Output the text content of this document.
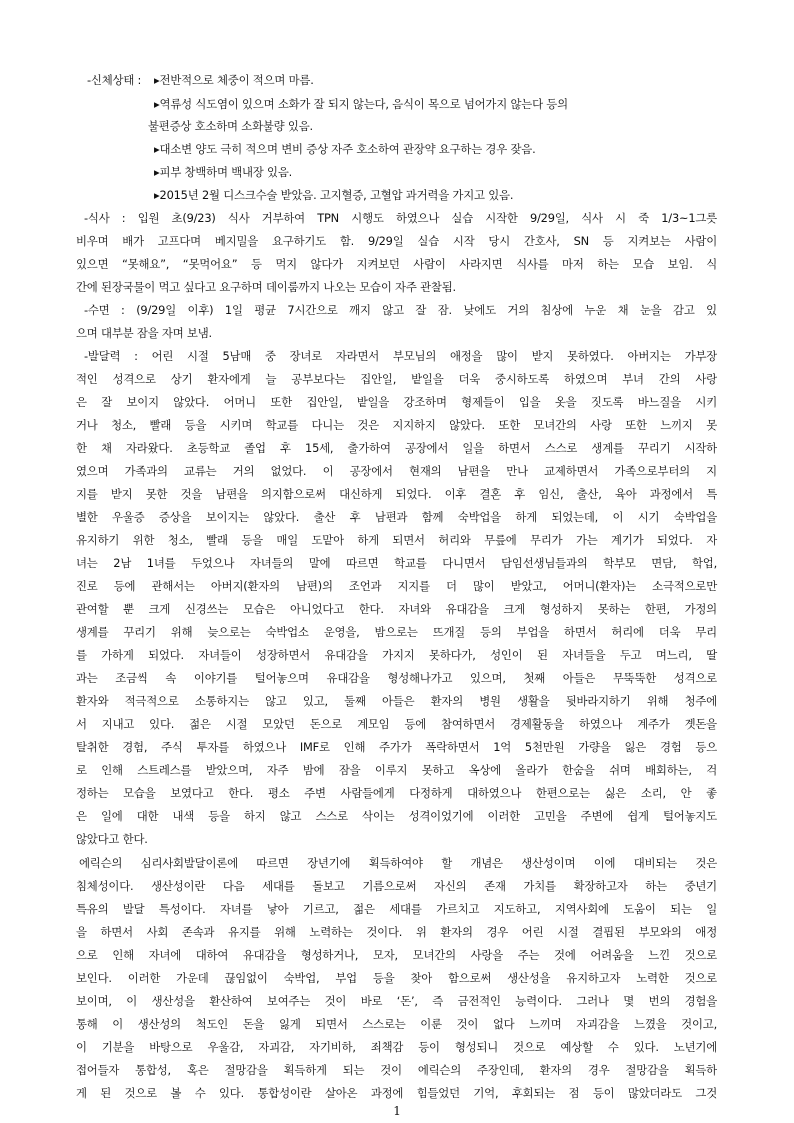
-신체상태 : ▸전반적으로 체중이 적으며 마름.
▸역류성 식도염이 있으며 소화가 잘 되지 않는다, 음식이 목으로 넘어가지 않는다 등의
불편증상 호소하며 소화불량 있음.
▸대소변 양도 극히 적으며 변비 증상 자주 호소하여 관장약 요구하는 경우 잦음.
▸피부 창백하며 백내장 있음.
▸2015년 2월 디스크수술 받았음. 고지혈증, 고혈압 과거력을 가지고 있음.

-식사 : 입원 초(9/23) 식사 거부하여 TPN 시행도 하였으나 실습 시작한 9/29일, 식사 시 죽 1/3~1그릇

비우며 배가 고프다며 베지밀을 요구하기도 함. 9/29일 실습 시작 당시 간호사, SN 등 지켜보는 사람이

있으면 “못해요”, “못먹어요” 등 먹지 않다가 지켜보던 사람이 사라지면 식사를 마저 하는 모습 보임. 식

간에 된장국물이 먹고 싶다고 요구하며 데이룸까지 나오는 모습이 자주 관찰됨.

-수면 : (9/29일 이후) 1일 평균 7시간으로 깨지 않고 잘 잠. 낮에도 거의 침상에 누운 채 눈을 감고 있

으며 대부분 잠을 자며 보냄.

-발달력 : 어린 시절 5남매 중 장녀로 자라면서 부모님의 애정을 많이 받지 못하였다. 아버지는 가부장

적인 성격으로 상기 환자에게 늘 공부보다는 집안일, 밭일을 더욱 중시하도록 하였으며 부녀 간의 사랑

은 잘 보이지 않았다. 어머니 또한 집안일, 밭일을 강조하며 형제들이 입을 옷을 짓도록 바느질을 시키

거나 청소, 빨래 등을 시키며 학교를 다니는 것은 지지하지 않았다. 또한 모녀간의 사랑 또한 느끼지 못

한 채 자라왔다. 초등학교 졸업 후 15세, 출가하여 공장에서 일을 하면서 스스로 생계를 꾸리기 시작하

였으며 가족과의 교류는 거의 없었다. 이 공장에서 현재의 남편을 만나 교제하면서 가족으로부터의 지

지를 받지 못한 것을 남편을 의지함으로써 대신하게 되었다. 이후 결혼 후 임신, 출산, 육아 과정에서 특

별한 우울증 증상을 보이지는 않았다. 출산 후 남편과 함께 숙박업을 하게 되었는데, 이 시기 숙박업을

유지하기 위한 청소, 빨래 등을 매일 도맡아 하게 되면서 허리와 무릎에 무리가 가는 계기가 되었다. 자

녀는 2남 1녀를 두었으나 자녀들의 말에 따르면 학교를 다니면서 담임선생님들과의 학부모 면담, 학업,

진로 등에 관해서는 아버지(환자의 남편)의 조언과 지지를 더 많이 받았고, 어머니(환자)는 소극적으로만

관여할 뿐 크게 신경쓰는 모습은 아니었다고 한다. 자녀와 유대감을 크게 형성하지 못하는 한편, 가정의

생계를 꾸리기 위해 늦으로는 숙박업소 운영을, 밤으로는 뜨개질 등의 부업을 하면서 허리에 더욱 무리

를 가하게 되었다. 자녀들이 성장하면서 유대감을 가지지 못하다가, 성인이 된 자녀들을 두고 며느리, 딸

과는 조금씩 속 이야기를 털어놓으며 유대감을 형성해나가고 있으며, 첫째 아들은 무뚝뚝한 성격으로

환자와 적극적으로 소통하지는 않고 있고, 둘째 아들은 환자의 병원 생활을 뒷바라지하기 위해 청주에

서 지내고 있다. 젊은 시절 모았던 돈으로 계모임 등에 참여하면서 경제활동을 하였으나 계주가 곗돈을

탈취한 경험, 주식 투자를 하였으나 IMF로 인해 주가가 폭락하면서 1억 5천만원 가량을 잃은 경험 등으

로 인해 스트레스를 받았으며, 자주 밤에 잠을 이루지 못하고 옥상에 올라가 한숨을 쉬며 배회하는, 걱

정하는 모습을 보였다고 한다. 평소 주변 사람들에게 다정하게 대하였으나 한편으로는 싫은 소리, 안 좋

은 일에 대한 내색 등을 하지 않고 스스로 삭이는 성격이었기에 이러한 고민을 주변에 쉽게 털어놓지도

않았다고 한다.

에릭슨의 심리사회발달이론에 따르면 장년기에 획득하여야 할 개념은 생산성이며 이에 대비되는 것은

침체성이다. 생산성이란 다음 세대를 돌보고 기름으로써 자신의 존재 가치를 확장하고자 하는 중년기

특유의 발달 특성이다. 자녀를 낳아 기르고, 젊은 세대를 가르치고 지도하고, 지역사회에 도움이 되는 일

을 하면서 사회 존속과 유지를 위해 노력하는 것이다. 위 환자의 경우 어린 시절 결핍된 부모와의 애정

으로 인해 자녀에 대하여 유대감을 형성하거나, 모자, 모녀간의 사랑을 주는 것에 어려움을 느낀 것으로

보인다. 이러한 가운데 끊임없이 숙박업, 부업 등을 찾아 함으로써 생산성을 유지하고자 노력한 것으로

보이며, 이 생산성을 환산하여 보여주는 것이 바로 ‘돈’, 즉 금전적인 능력이다. 그러나 몇 번의 경험을

통해 이 생산성의 척도인 돈을 잃게 되면서 스스로는 이룬 것이 없다 느끼며 자괴감을 느꼈을 것이고,

이 기분을 바탕으로 우울감, 자괴감, 자기비하, 죄책감 등이 형성되니 것으로 예상할 수 있다. 노년기에

접어들자 통합성, 혹은 절망감을 획득하게 되는 것이 에릭슨의 주장인데, 환자의 경우 절망감을 획득하

게 된 것으로 볼 수 있다. 통합성이란 살아온 과정에 힘들었던 기억, 후회되는 점 등이 많았더라도 그것

1
